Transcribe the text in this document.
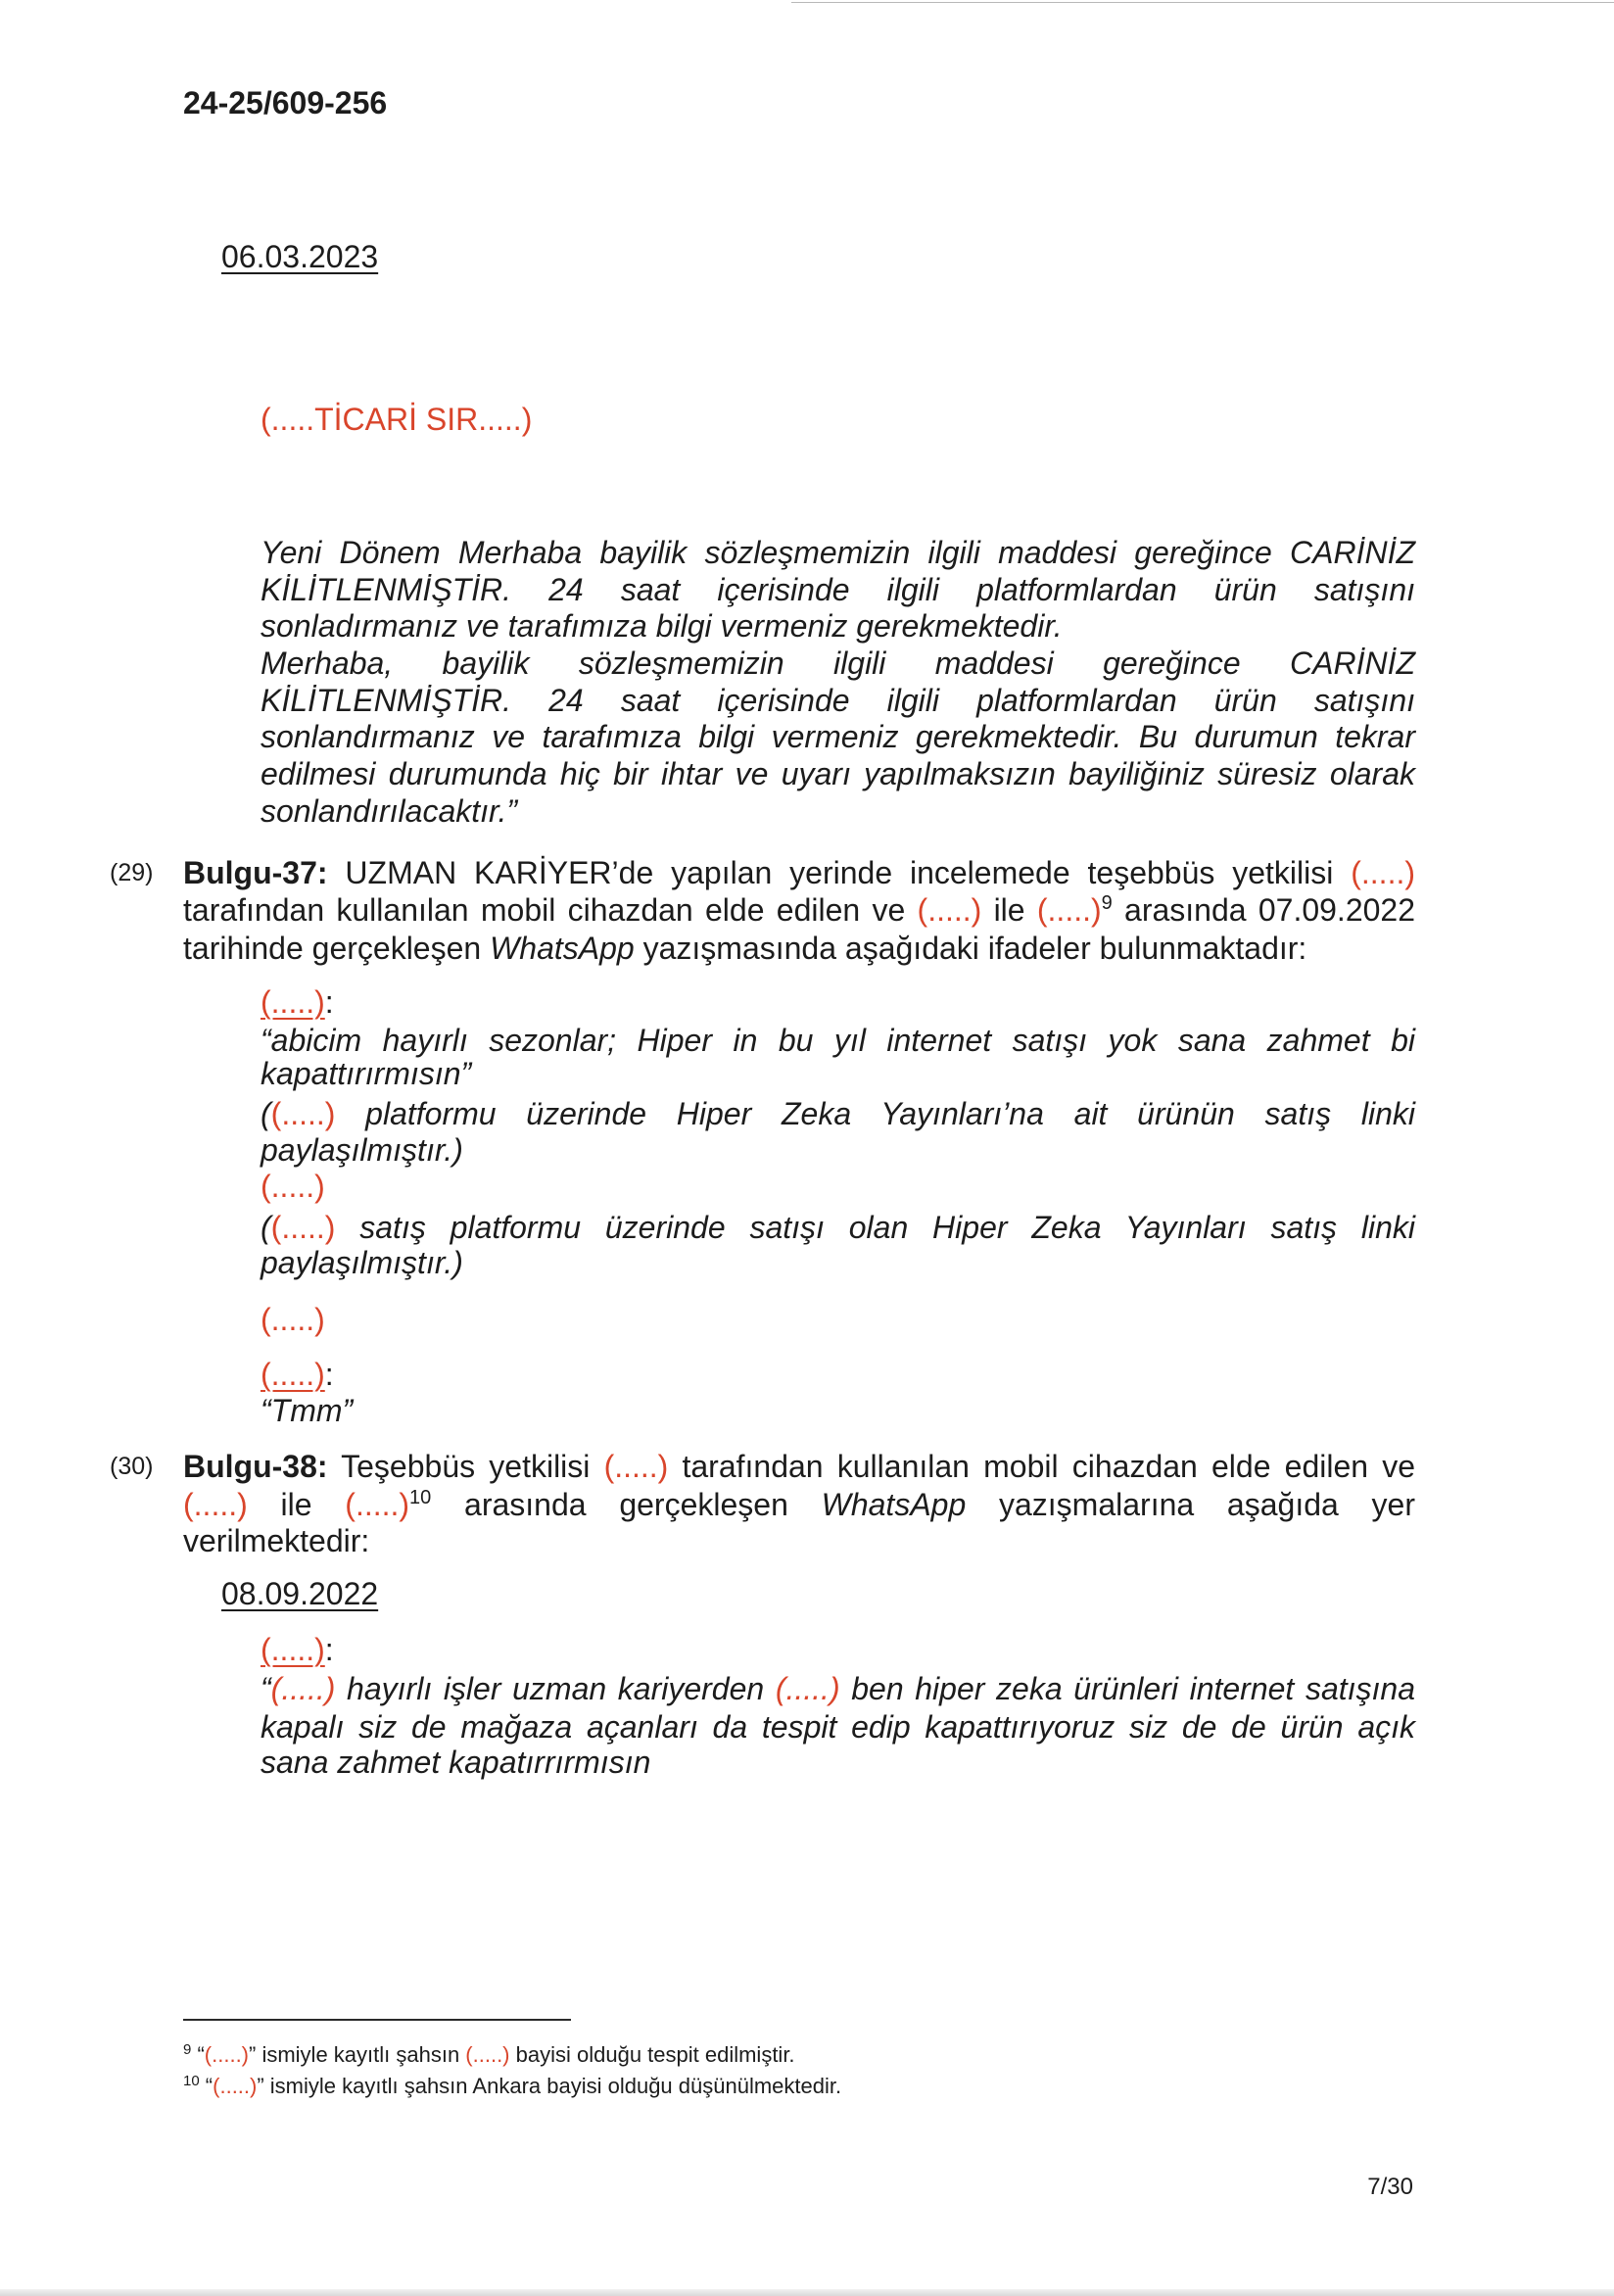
24-25/609-256
06.03.2023
(.....TİCARİ SIR.....)
Yeni Dönem Merhaba bayilik sözleşmemizin ilgili maddesi gereğince CARİNİZ
KİLİTLENMİŞTİR. 24 saat içerisinde ilgili platformlardan ürün satışını
sonladırmanız ve tarafımıza bilgi vermeniz gerekmektedir.
Merhaba, bayilik sözleşmemizin ilgili maddesi gereğince CARİNİZ
KİLİTLENMİŞTİR. 24 saat içerisinde ilgili platformlardan ürün satışını
sonlandırmanız ve tarafımıza bilgi vermeniz gerekmektedir. Bu durumun tekrar
edilmesi durumunda hiç bir ihtar ve uyarı yapılmaksızın bayiliğiniz süresiz olarak
sonlandırılacaktır.”
(29) Bulgu-37: UZMAN KARİYER’de yapılan yerinde incelemede teşebbüs yetkilisi (.....)
tarafından kullanılan mobil cihazdan elde edilen ve (.....) ile (.....)$^9$ arasında 07.09.2022
tarihinde gerçekleşen WhatsApp yazışmasında aşağıdaki ifadeler bulunmaktadır:
(.....):
“abicim hayırlı sezonlar; Hiper in bu yıl internet satışı yok sana zahmet bi
kapattırırmısın”
((.....) platformu üzerinde Hiper Zeka Yayınları’na ait ürünün satış linki
paylaşılmıştır.)
(.....)
((.....) satış platformu üzerinde satışı olan Hiper Zeka Yayınları satış linki
paylaşılmıştır.)
(.....)
(.....):
“Tmm”
(30) Bulgu-38: Teşebbüs yetkilisi (.....) tarafından kullanılan mobil cihazdan elde edilen ve
(.....) ile (.....)$^{10}$ arasında gerçekleşen WhatsApp yazışmalarına aşağıda yer
verilmektedir:
08.09.2022
(.....):
“(.....) hayırlı işler uzman kariyerden (.....) ben hiper zeka ürünleri internet satışına
kapalı siz de mağaza açanları da tespit edip kapattırıyoruz siz de de ürün açık
sana zahmet kapatırrırmısın
$^9$ “(.....)” ismiyle kayıtlı şahsın (.....) bayisi olduğu tespit edilmiştir.
$^{10}$ “(.....)” ismiyle kayıtlı şahsın Ankara bayisi olduğu düşünülmektedir.
7/30
